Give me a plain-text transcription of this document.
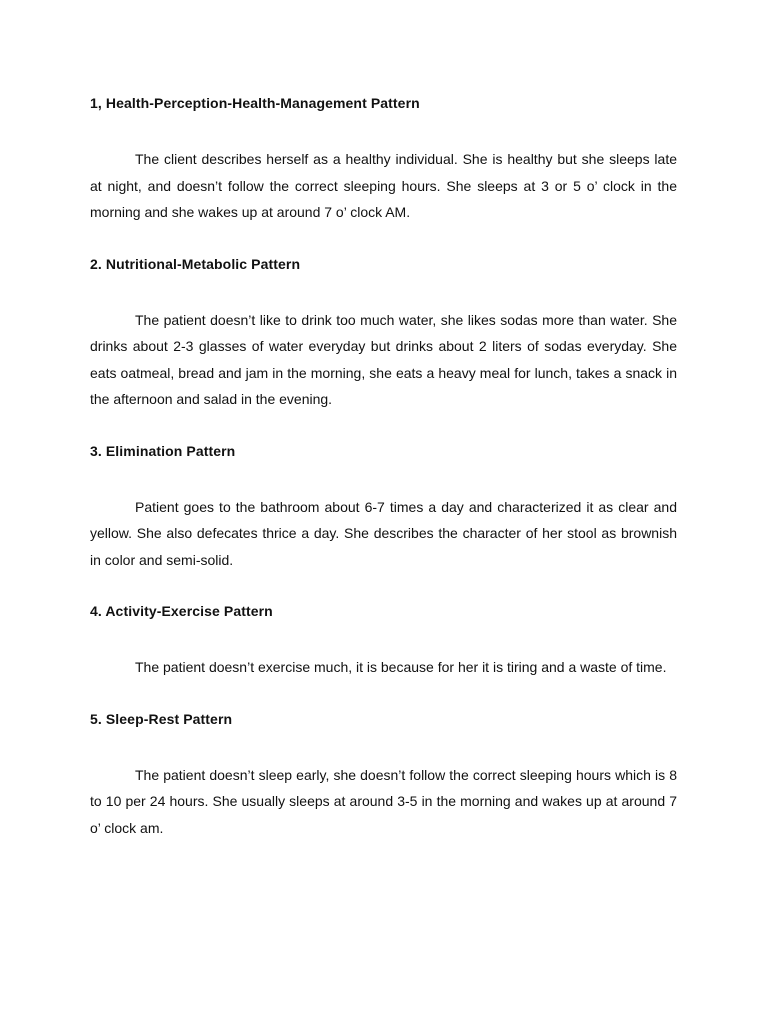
1, Health-Perception-Health-Management Pattern
The client describes herself as a healthy individual. She is healthy but she sleeps late at night, and doesn’t follow the correct sleeping hours. She sleeps at 3 or 5 o’ clock in the morning and she wakes up at around 7 o’ clock AM.
2. Nutritional-Metabolic Pattern
The patient doesn’t like to drink too much water, she likes sodas more than water. She drinks about 2-3 glasses of water everyday but drinks about 2 liters of sodas everyday. She eats oatmeal, bread and jam in the morning, she eats a heavy meal for lunch, takes a snack in the afternoon and salad in the evening.
3. Elimination Pattern
Patient goes to the bathroom about 6-7 times a day and characterized it as clear and yellow. She also defecates thrice a day. She describes the character of her stool as brownish in color and semi-solid.
4. Activity-Exercise Pattern
The patient doesn’t exercise much, it is because for her it is tiring and a waste of time.
5. Sleep-Rest Pattern
The patient doesn’t sleep early, she doesn’t follow the correct sleeping hours which is 8 to 10 per 24 hours. She usually sleeps at around 3-5 in the morning and wakes up at around 7 o’ clock am.
